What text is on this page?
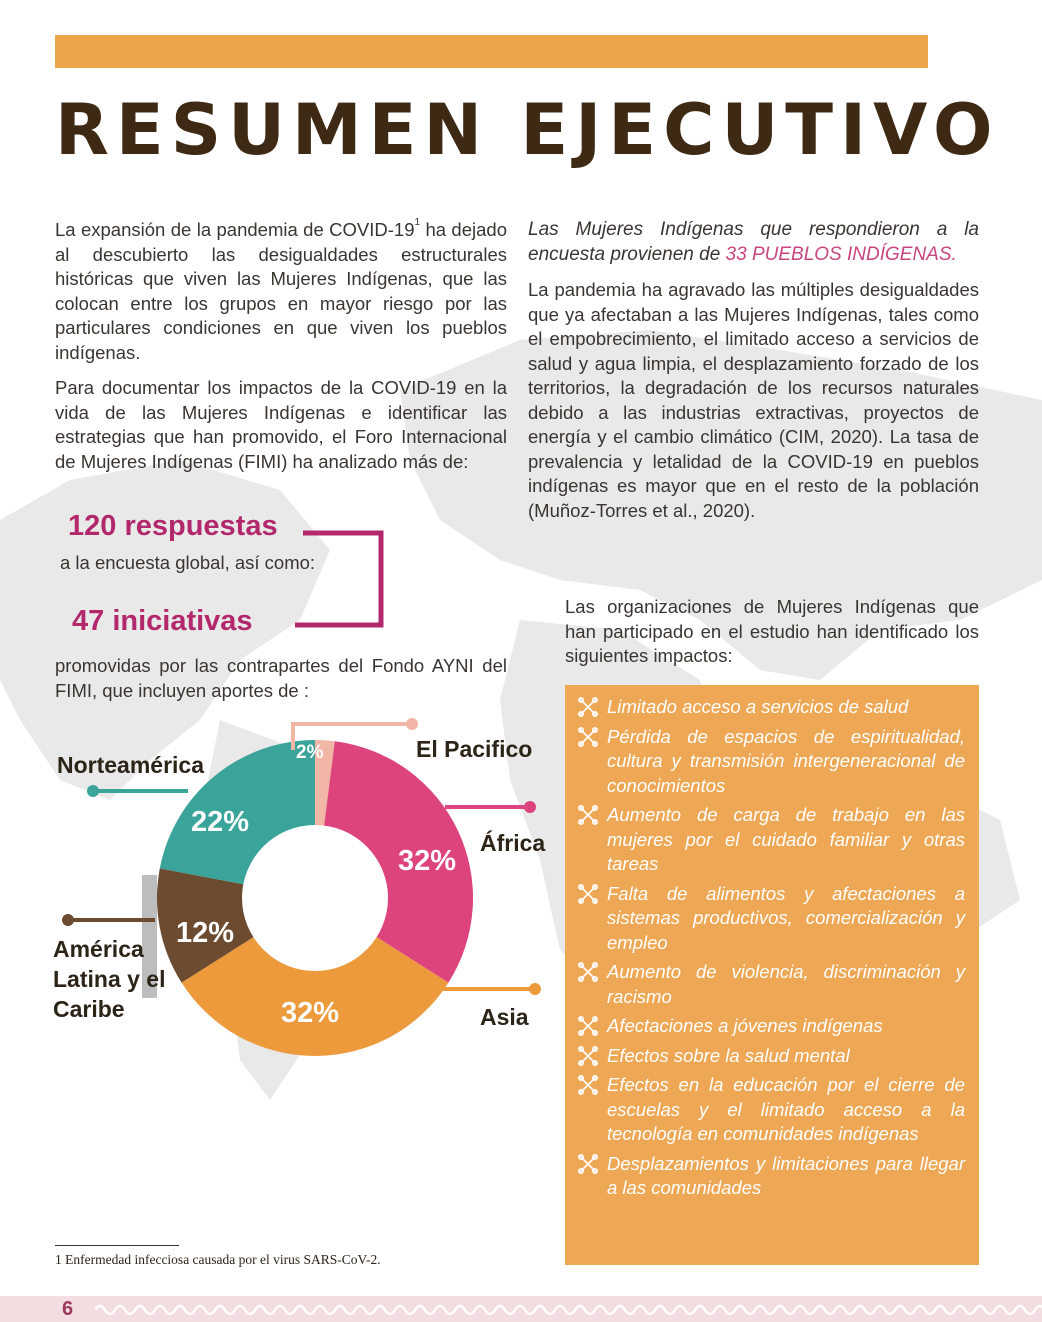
RESUMEN EJECUTIVO

La expansión de la pandemia de COVID-$19^1$ ha dejado al descubierto las desigualdades estructurales históricas que viven las Mujeres Indígenas, que las colocan entre los grupos en mayor riesgo por las particulares condiciones en que viven los pueblos indígenas.

Para documentar los impactos de la COVID-19 en la vida de las Mujeres Indígenas e identificar las estrategias que han promovido, el Foro Internacional de Mujeres Indígenas (FIMI) ha analizado más de:

120 respuestas
a la encuesta global, así como:
47 iniciativas
promovidas por las contrapartes del Fondo AYNI del FIMI, que incluyen aportes de :
Norteamérica
El Pacifico
África
Asia
América Latina y el Caribe
22%
2%
32%
32%
12%

Las Mujeres Indígenas que respondieron a la encuesta provienen de 33 PUEBLOS INDÍGENAS.

La pandemia ha agravado las múltiples desigualdades que ya afectaban a las Mujeres Indígenas, tales como el empobrecimiento, el limitado acceso a servicios de salud y agua limpia, el desplazamiento forzado de los territorios, la degradación de los recursos naturales debido a las industrias extractivas, proyectos de energía y el cambio climático (CIM, 2020). La tasa de prevalencia y letalidad de la COVID-19 en pueblos indígenas es mayor que en el resto de la población (Muñoz-Torres et al., 2020).

Las organizaciones de Mujeres Indígenas que han participado en el estudio han identificado los siguientes impactos:
Limitado acceso a servicios de salud
Pérdida de espacios de espiritualidad, cultura y transmisión intergeneracional de conocimientos
Aumento de carga de trabajo en las mujeres por el cuidado familiar y otras tareas
Falta de alimentos y afectaciones a sistemas productivos, comercialización y empleo
Aumento de violencia, discriminación y racismo
Afectaciones a jóvenes indígenas
Efectos sobre la salud mental
Efectos en la educación por el cierre de escuelas y el limitado acceso a la tecnología en comunidades indígenas
Desplazamientos y limitaciones para llegar a las comunidades
1 Enfermedad infecciosa causada por el virus SARS-CoV-2.
6
